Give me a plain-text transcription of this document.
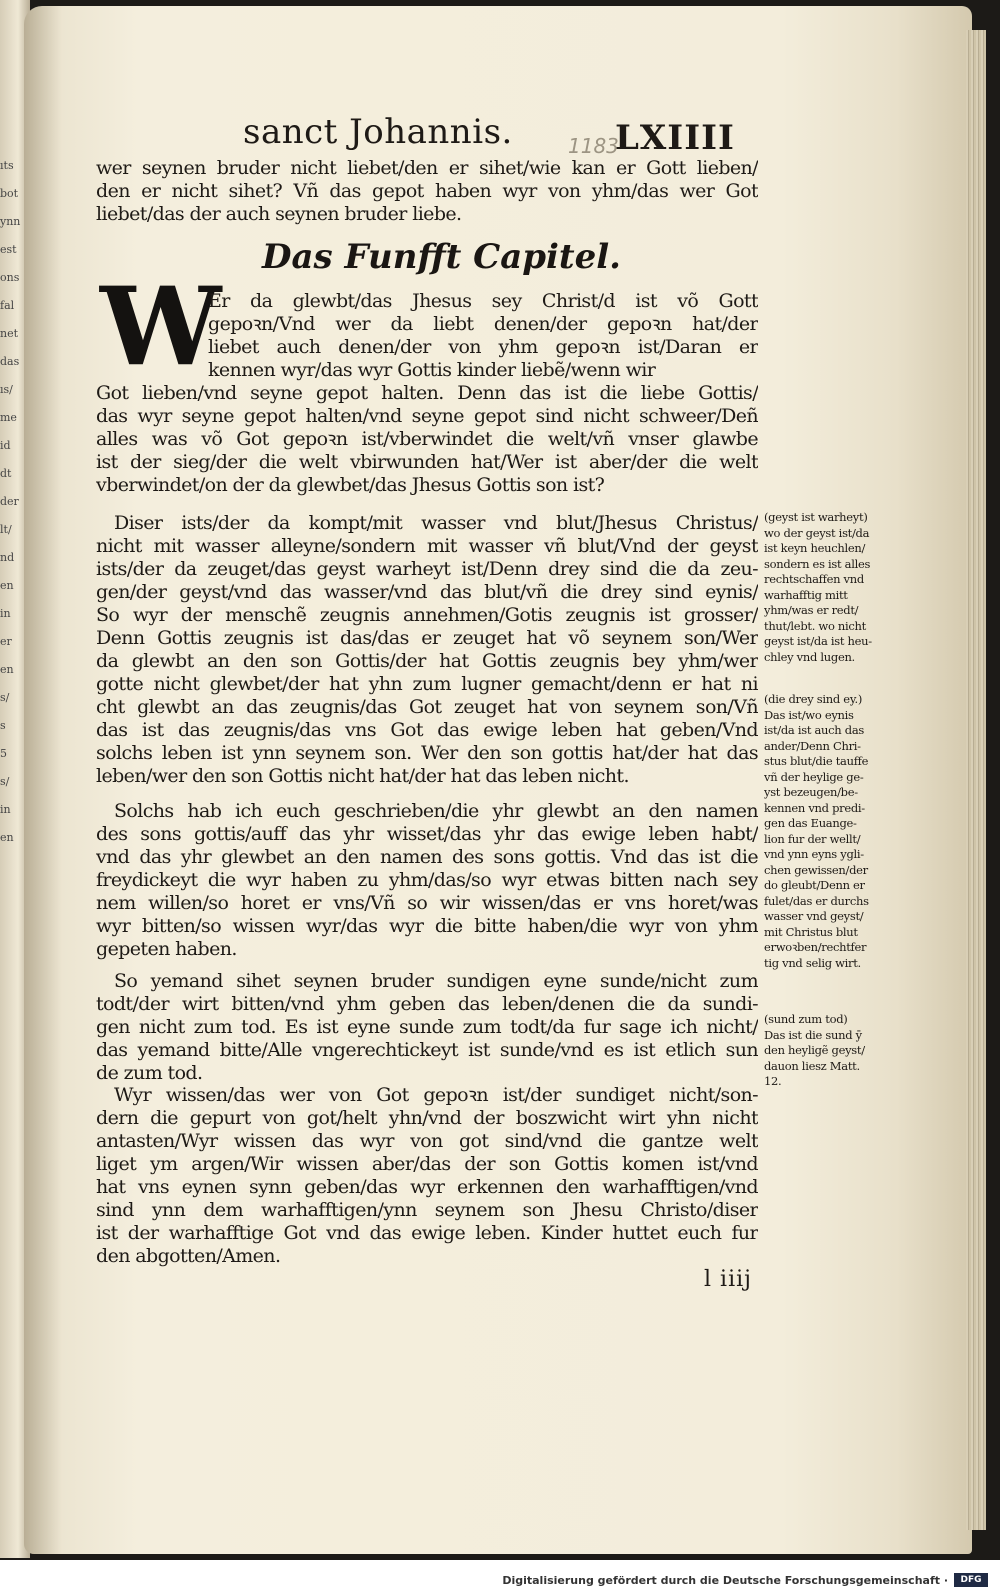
ıts
bot
ynn
est
ons
fal
net
das
ıs/
me
id
dt
der
lt/
nd
en
in
er
en
s/
s
5
s/
in
en
sanct Johannis.	1183
LXIIII
wer seynen bruder nicht liebet/den er sihet/wie kan er Gott lieben/
den er nicht sihet? Vñ das gepot haben wyr von yhm/das wer Got
liebet/das der auch seynen bruder liebe.
Das Funfft Capitel.
W
Er da glewbt/das Jhesus sey Christ/d ist võ Gott
gepoꝛn/Vnd wer da liebt denen/der gepoꝛn hat/der
liebet auch denen/der von yhm gepoꝛn ist/Daran er
kennen wyr/das wyr Gottis kinder liebẽ/wenn wir
Got lieben/vnd seyne gepot halten. Denn das ist die liebe Gottis/
das wyr seyne gepot halten/vnd seyne gepot sind nicht schweer/Deñ
alles was võ Got gepoꝛn ist/vberwindet die welt/vñ vnser glawbe
ist der sieg/der die welt vbirwunden hat/Wer ist aber/der die welt
vberwindet/on der da glewbet/das Jhesus Gottis son ist?
Diser ists/der da kompt/mit wasser vnd blut/Jhesus Christus/
nicht mit wasser alleyne/sondern mit wasser vñ blut/Vnd der geyst
ists/der da zeuget/das geyst warheyt ist/Denn drey sind die da zeu-
gen/der geyst/vnd das wasser/vnd das blut/vñ die drey sind eynis/
So wyr der menschẽ zeugnis annehmen/Gotis zeugnis ist grosser/
Denn Gottis zeugnis ist das/das er zeuget hat võ seynem son/Wer
da glewbt an den son Gottis/der hat Gottis zeugnis bey yhm/wer
gotte nicht glewbet/der hat yhn zum lugner gemacht/denn er hat ni
cht glewbt an das zeugnis/das Got zeuget hat von seynem son/Vñ
das ist das zeugnis/das vns Got das ewige leben hat geben/Vnd
solchs leben ist ynn seynem son. Wer den son gottis hat/der hat das
leben/wer den son Gottis nicht hat/der hat das leben nicht.
Solchs hab ich euch geschrieben/die yhr glewbt an den namen
des sons gottis/auff das yhr wisset/das yhr das ewige leben habt/
vnd das yhr glewbet an den namen des sons gottis. Vnd das ist die
freydickeyt die wyr haben zu yhm/das/so wyr etwas bitten nach sey
nem willen/so horet er vns/Vñ so wir wissen/das er vns horet/was
wyr bitten/so wissen wyr/das wyr die bitte haben/die wyr von yhm
gepeten haben.
So yemand sihet seynen bruder sundigen eyne sunde/nicht zum
todt/der wirt bitten/vnd yhm geben das leben/denen die da sundi-
gen nicht zum tod. Es ist eyne sunde zum todt/da fur sage ich nicht/
das yemand bitte/Alle vngerechtickeyt ist sunde/vnd es ist etlich sun
de zum tod.
Wyr wissen/das wer von Got gepoꝛn ist/der sundiget nicht/son-
dern die gepurt von got/helt yhn/vnd der boszwicht wirt yhn nicht
antasten/Wyr wissen das wyr von got sind/vnd die gantze welt
liget ym argen/Wir wissen aber/das der son Gottis komen ist/vnd
hat vns eynen synn geben/das wyr erkennen den warhafftigen/vnd
sind ynn dem warhafftigen/ynn seynem son Jhesu Christo/diser
ist der warhafftige Got vnd das ewige leben. Kinder huttet euch fur
den abgotten/Amen.
l iiij
(geyst ist warheyt)
wo der geyst ist/da
ist keyn heuchlen/
sondern es ist alles
rechtschaffen vnd
warhafftig mitt
yhm/was er redt/
thut/lebt. wo nicht
geyst ist/da ist heu-
chley vnd lugen.
(die drey sind ey.)
Das ist/wo eynis
ist/da ist auch das
ander/Denn Chri-
stus blut/die tauffe
vñ der heylige ge-
yst bezeugen/be-
kennen vnd predi-
gen das Euange-
lion fur der wellt/
vnd ynn eyns ygli-
chen gewissen/der
do gleubt/Denn er
fulet/das er durchs
wasser vnd geyst/
mit Christus blut
erwoꝛben/rechtfer
tig vnd selig wirt.
(sund zum tod)
Das ist die sund ȳ
den heyligẽ geyst/
dauon liesz Matt.
12.
Digitalisierung gefördert durch die Deutsche Forschungsgemeinschaft ·	DFG
